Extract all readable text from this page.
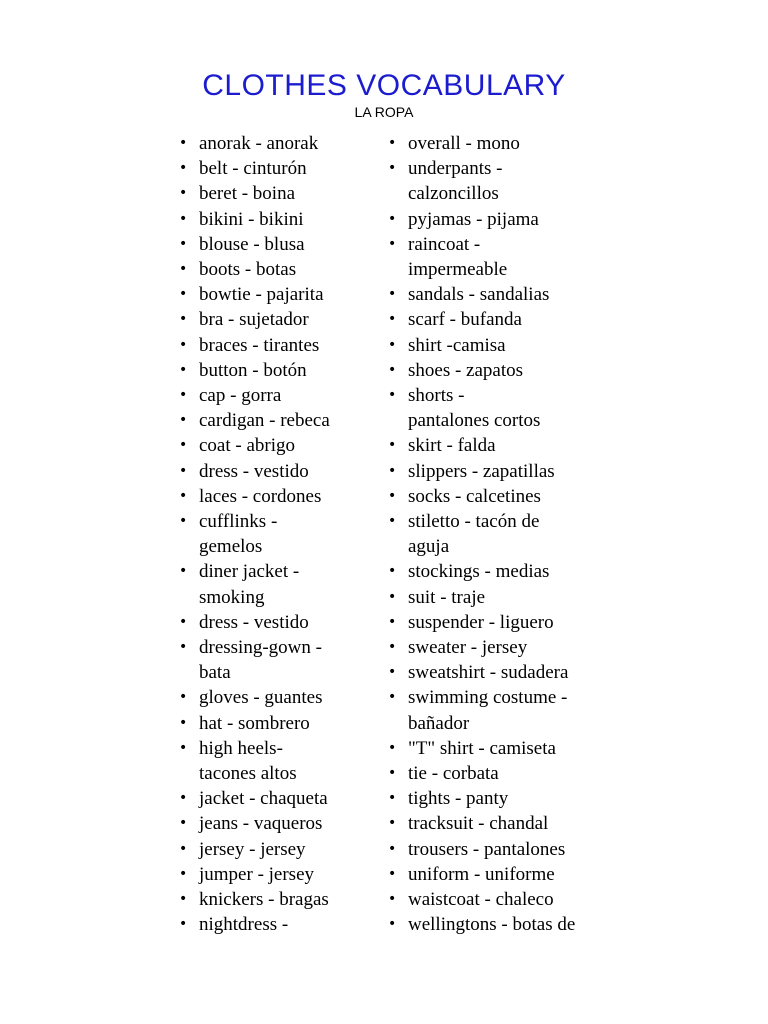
CLOTHES VOCABULARY
LA ROPA
• anorak - anorak
• belt - cinturón
• beret - boina
• bikini - bikini
• blouse - blusa
• boots - botas
• bowtie - pajarita
• bra - sujetador
• braces - tirantes
• button - botón
• cap - gorra
• cardigan - rebeca
• coat - abrigo
• dress - vestido
• laces - cordones
• cufflinks -
gemelos
• diner jacket -
smoking
• dress - vestido
• dressing-gown -
bata
• gloves - guantes
• hat - sombrero
• high heels-
tacones altos
• jacket - chaqueta
• jeans - vaqueros
• jersey - jersey
• jumper - jersey
• knickers - bragas
• nightdress -
• overall - mono
• underpants -
calzoncillos
• pyjamas - pijama
• raincoat -
impermeable
• sandals - sandalias
• scarf - bufanda
• shirt -camisa
• shoes - zapatos
• shorts -
pantalones cortos
• skirt - falda
• slippers - zapatillas
• socks - calcetines
• stiletto - tacón de
aguja
• stockings - medias
• suit - traje
• suspender - liguero
• sweater - jersey
• sweatshirt - sudadera
• swimming costume -
bañador
• "T" shirt - camiseta
• tie - corbata
• tights - panty
• tracksuit - chandal
• trousers - pantalones
• uniform - uniforme
• waistcoat - chaleco
• wellingtons - botas de
